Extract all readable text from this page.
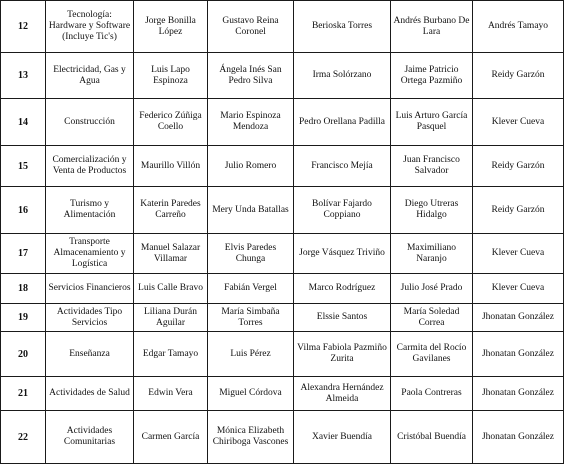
12	Tecnología: Hardware y Software (Incluye Tic's)	Jorge Bonilla López	Gustavo Reina Coronel	Berioska Torres	Andrés Burbano De Lara	Andrés Tamayo
13	Electricidad, Gas y Agua	Luis Lapo Espinoza	Ángela Inés San Pedro Silva	Irma Solórzano	Jaime Patricio Ortega Pazmiño	Reidy Garzón
14	Construcción	Federico Zúñiga Coello	Mario Espinoza Mendoza	Pedro Orellana Padilla	Luis Arturo García Pasquel	Klever Cueva
15	Comercialización y Venta de Productos	Maurillo Villón	Julio Romero	Francisco Mejía	Juan Francisco Salvador	Reidy Garzón
16	Turismo y Alimentación	Katerin Paredes Carreño	Mery Unda Batallas	Bolívar Fajardo Coppiano	Diego Utreras Hidalgo	Reidy Garzón
17	Transporte Almacenamiento y Logística	Manuel Salazar Villamar	Elvis Paredes Chunga	Jorge Vásquez Triviño	Maximiliano Naranjo	Klever Cueva
18	Servicios Financieros	Luis Calle Bravo	Fabián Vergel	Marco Rodríguez	Julio José Prado	Klever Cueva
19	Actividades Tipo Servicios	Liliana Durán Aguilar	María Simbaña Torres	Elssie Santos	María Soledad Correa	Jhonatan González
20	Enseñanza	Edgar Tamayo	Luis Pérez	Vilma Fabiola Pazmiño Zurita	Carmita del Rocío Gavilanes	Jhonatan González
21	Actividades de Salud	Edwin Vera	Miguel Córdova	Alexandra Hernández Almeida	Paola Contreras	Jhonatan González
22	Actividades Comunitarias	Carmen García	Mónica Elizabeth Chiriboga Vascones	Xavier Buendía	Cristóbal Buendía	Jhonatan González
